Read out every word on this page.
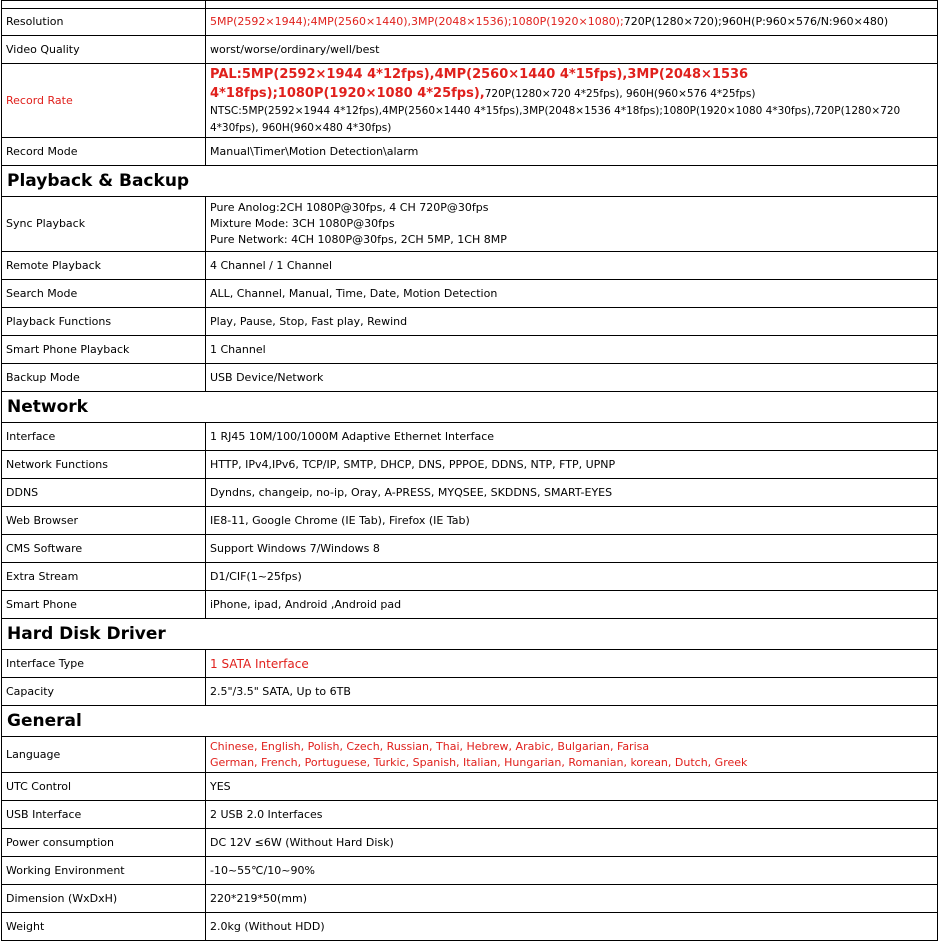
Resolution	5MP(2592×1944);4MP(2560×1440),3MP(2048×1536);1080P(1920×1080);720P(1280×720);960H(P:960×576/N:960×480)
Video Quality	worst/worse/ordinary/well/best
Record Rate	PAL:5MP(2592×1944 4*12fps),4MP(2560×1440 4*15fps),3MP(2048×1536 4*18fps);1080P(1920×1080 4*25fps),720P(1280×720 4*25fps), 960H(960×576 4*25fps)
NTSC:5MP(2592×1944 4*12fps),4MP(2560×1440 4*15fps),3MP(2048×1536 4*18fps);1080P(1920×1080 4*30fps),720P(1280×720 4*30fps), 960H(960×480 4*30fps)

Record Mode	Manual\Timer\Motion Detection\alarm
Playback & Backup	
Sync Playback	Pure Anolog:2CH 1080P@30fps, 4 CH 720P@30fps
Mixture Mode: 3CH 1080P@30fps
Pure Network: 4CH 1080P@30fps, 2CH 5MP, 1CH 8MP

Remote Playback	4 Channel / 1 Channel
Search Mode	ALL, Channel, Manual, Time, Date, Motion Detection
Playback Functions	Play, Pause, Stop, Fast play, Rewind
Smart Phone Playback	1 Channel
Backup Mode	USB Device/Network
Network	
Interface	1 RJ45 10M/100/1000M Adaptive Ethernet Interface
Network Functions	HTTP, IPv4,IPv6, TCP/IP, SMTP, DHCP, DNS, PPPOE, DDNS, NTP, FTP, UPNP
DDNS	Dyndns, changeip, no-ip, Oray, A-PRESS, MYQSEE, SKDDNS, SMART-EYES
Web Browser	IE8-11, Google Chrome (IE Tab), Firefox (IE Tab)
CMS Software	Support Windows 7/Windows 8
Extra Stream	D1/CIF(1~25fps)
Smart Phone	iPhone, ipad, Android ,Android pad
Hard Disk Driver	
Interface Type	1 SATA Interface
Capacity	2.5"/3.5" SATA, Up to 6TB
General	
Language	Chinese, English, Polish, Czech, Russian, Thai, Hebrew, Arabic, Bulgarian, Farisa
German, French, Portuguese, Turkic, Spanish, Italian, Hungarian, Romanian, korean, Dutch, Greek

UTC Control	YES
USB Interface	2 USB 2.0 Interfaces
Power consumption	DC 12V ≤6W (Without Hard Disk)
Working Environment	-10~55℃/10~90%
Dimension (WxDxH)	220*219*50(mm)
Weight	2.0kg (Without HDD)
